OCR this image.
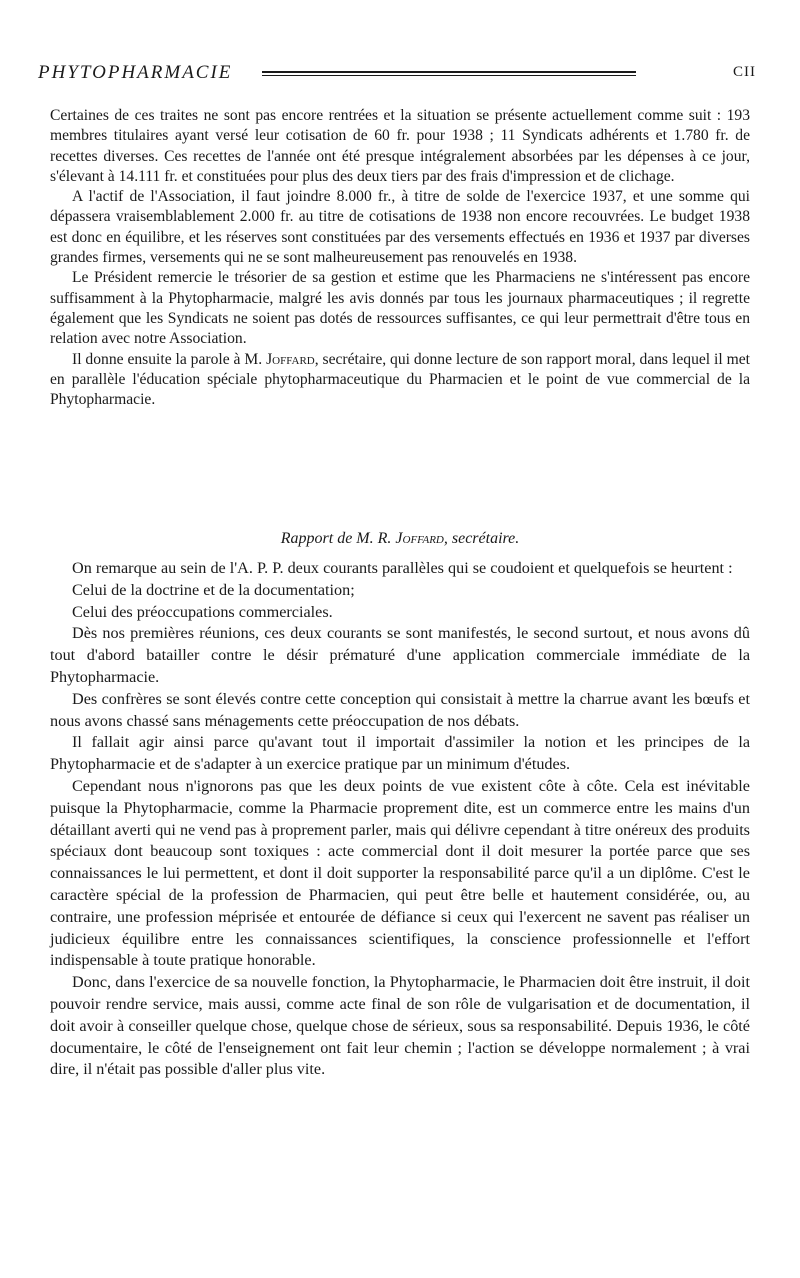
PHYTOPHARMACIE	CII

Certaines de ces traites ne sont pas encore rentrées et la situation se présente actuellement comme suit : 193 membres titulaires ayant versé leur cotisation de 60 fr. pour 1938 ; 11 Syndicats adhérents et 1.780 fr. de recettes diverses. Ces recettes de l'année ont été presque intégralement absorbées par les dépenses à ce jour, s'élevant à 14.111 fr. et constituées pour plus des deux tiers par des frais d'impression et de clichage.

A l'actif de l'Association, il faut joindre 8.000 fr., à titre de solde de l'exercice 1937, et une somme qui dépassera vraisemblablement 2.000 fr. au titre de cotisations de 1938 non encore recouvrées. Le budget 1938 est donc en équilibre, et les réserves sont constituées par des versements effectués en 1936 et 1937 par diverses grandes firmes, versements qui ne se sont malheureusement pas renouvelés en 1938.

Le Président remercie le trésorier de sa gestion et estime que les Pharmaciens ne s'intéressent pas encore suffisamment à la Phytopharmacie, malgré les avis donnés par tous les journaux pharmaceutiques ; il regrette également que les Syndicats ne soient pas dotés de ressources suffisantes, ce qui leur permettrait d'être tous en relation avec notre Association.

Il donne ensuite la parole à M. Joffard, secrétaire, qui donne lecture de son rapport moral, dans lequel il met en parallèle l'éducation spéciale phytopharmaceutique du Pharmacien et le point de vue commercial de la Phytopharmacie.

Rapport de M. R. Joffard, secrétaire.

On remarque au sein de l'A. P. P. deux courants parallèles qui se coudoient et quelquefois se heurtent :

Celui de la doctrine et de la documentation;

Celui des préoccupations commerciales.

Dès nos premières réunions, ces deux courants se sont manifestés, le second surtout, et nous avons dû tout d'abord batailler contre le désir prématuré d'une application commerciale immédiate de la Phytopharmacie.

Des confrères se sont élevés contre cette conception qui consistait à mettre la charrue avant les bœufs et nous avons chassé sans ménagements cette préoccupation de nos débats.

Il fallait agir ainsi parce qu'avant tout il importait d'assimiler la notion et les principes de la Phytopharmacie et de s'adapter à un exercice pratique par un minimum d'études.

Cependant nous n'ignorons pas que les deux points de vue existent côte à côte. Cela est inévitable puisque la Phytopharmacie, comme la Pharmacie proprement dite, est un commerce entre les mains d'un détaillant averti qui ne vend pas à proprement parler, mais qui délivre cependant à titre onéreux des produits spéciaux dont beaucoup sont toxiques : acte commercial dont il doit mesurer la portée parce que ses connaissances le lui permettent, et dont il doit supporter la responsabilité parce qu'il a un diplôme. C'est le caractère spécial de la profession de Pharmacien, qui peut être belle et hautement considérée, ou, au contraire, une profession méprisée et entourée de défiance si ceux qui l'exercent ne savent pas réaliser un judicieux équilibre entre les connaissances scientifiques, la conscience professionnelle et l'effort indispensable à toute pratique honorable.

Donc, dans l'exercice de sa nouvelle fonction, la Phytopharmacie, le Pharmacien doit être instruit, il doit pouvoir rendre service, mais aussi, comme acte final de son rôle de vulgarisation et de documentation, il doit avoir à conseiller quelque chose, quelque chose de sérieux, sous sa responsabilité. Depuis 1936, le côté documentaire, le côté de l'enseignement ont fait leur chemin ; l'action se développe normalement ; à vrai dire, il n'était pas possible d'aller plus vite.
